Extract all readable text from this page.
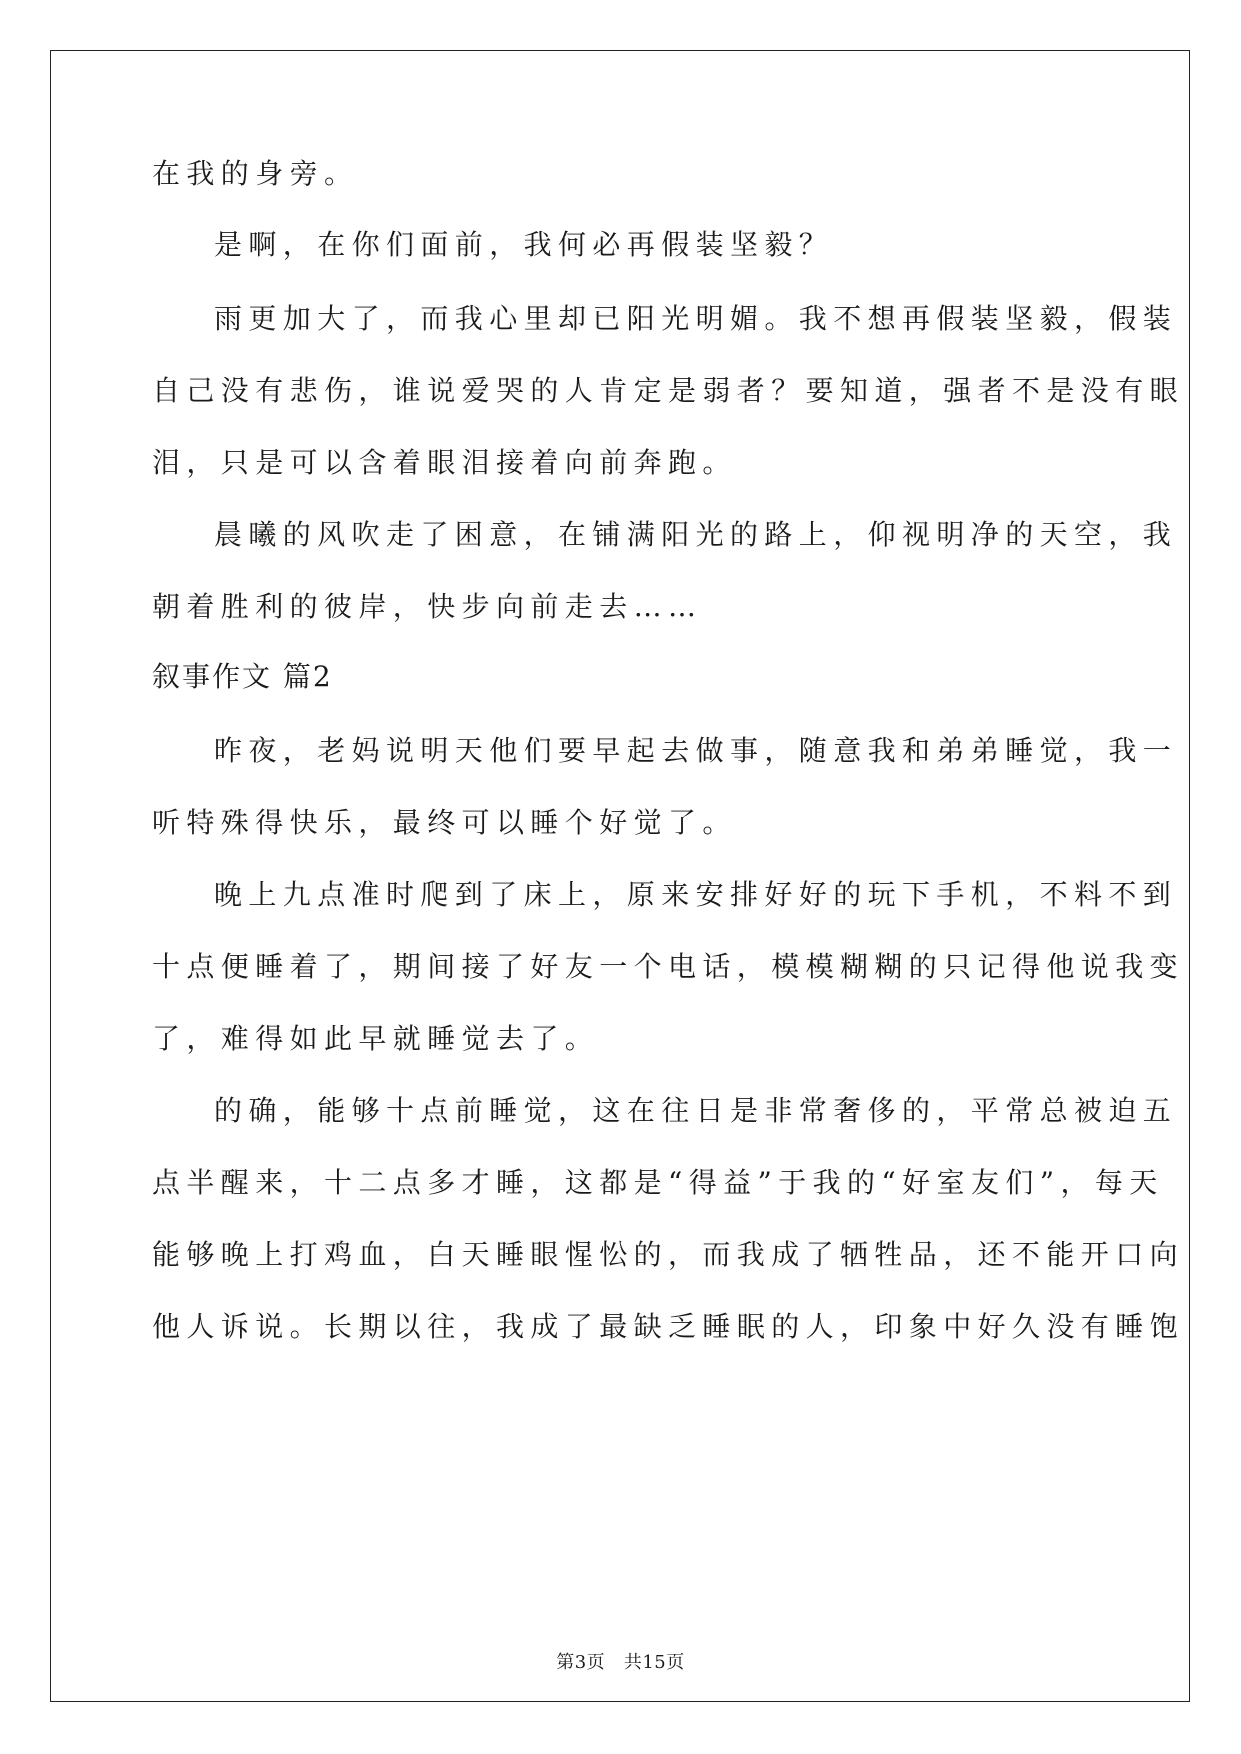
在我的身旁。
是啊，在你们面前，我何必再假装坚毅？
雨更加大了，而我心里却已阳光明媚。我不想再假装坚毅，假装
自己没有悲伤，谁说爱哭的人肯定是弱者？要知道，强者不是没有眼
泪，只是可以含着眼泪接着向前奔跑。
晨曦的风吹走了困意，在铺满阳光的路上，仰视明净的天空，我
朝着胜利的彼岸，快步向前走去……
叙事作文 篇2
昨夜，老妈说明天他们要早起去做事，随意我和弟弟睡觉，我一
听特殊得快乐，最终可以睡个好觉了。
晚上九点准时爬到了床上，原来安排好好的玩下手机，不料不到
十点便睡着了，期间接了好友一个电话，模模糊糊的只记得他说我变
了，难得如此早就睡觉去了。
的确，能够十点前睡觉，这在往日是非常奢侈的，平常总被迫五
点半醒来，十二点多才睡，这都是“得益”于我的“好室友们”，每天
能够晚上打鸡血，白天睡眼惺忪的，而我成了牺牲品，还不能开口向
他人诉说。长期以往，我成了最缺乏睡眠的人，印象中好久没有睡饱
第3页   共15页
